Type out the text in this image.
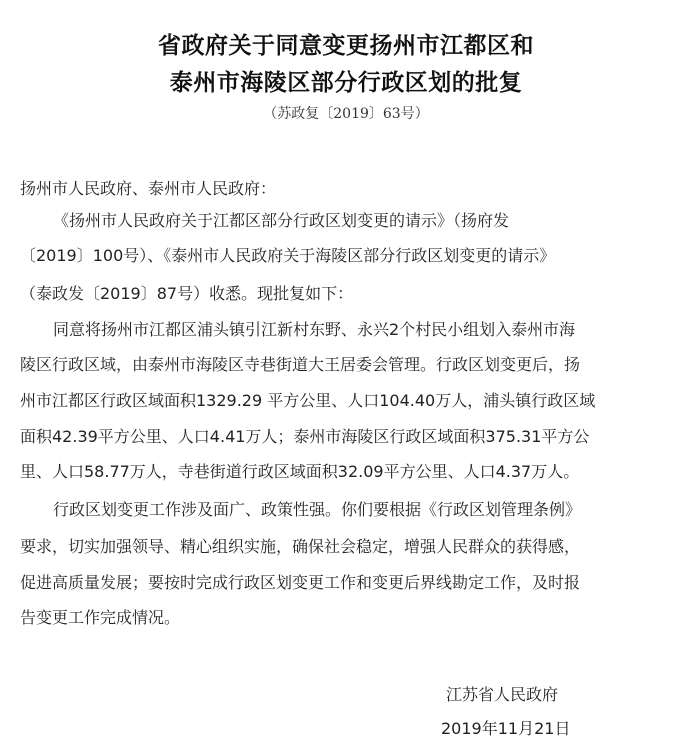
省政府关于同意变更扬州市江都区和
泰州市海陵区部分行政区划的批复
（苏政复〔2019〕63号）
扬州市人民政府、泰州市人民政府：
《扬州市人民政府关于江都区部分行政区划变更的请示》（扬府发
〔2019〕100号）、《泰州市人民政府关于海陵区部分行政区划变更的请示》
（泰政发〔2019〕87号）收悉。现批复如下：
同意将扬州市江都区浦头镇引江新村东野、永兴2个村民小组划入泰州市海
陵区行政区域，由泰州市海陵区寺巷街道大王居委会管理。行政区划变更后，扬
州市江都区行政区域面积1329.29 平方公里、人口104.40万人，浦头镇行政区域
面积42.39平方公里、人口4.41万人；泰州市海陵区行政区域面积375.31平方公
里、人口58.77万人，寺巷街道行政区域面积32.09平方公里、人口4.37万人。
行政区划变更工作涉及面广、政策性强。你们要根据《行政区划管理条例》
要求，切实加强领导、精心组织实施，确保社会稳定，增强人民群众的获得感，
促进高质量发展；要按时完成行政区划变更工作和变更后界线勘定工作，及时报
告变更工作完成情况。
江苏省人民政府
2019年11月21日
